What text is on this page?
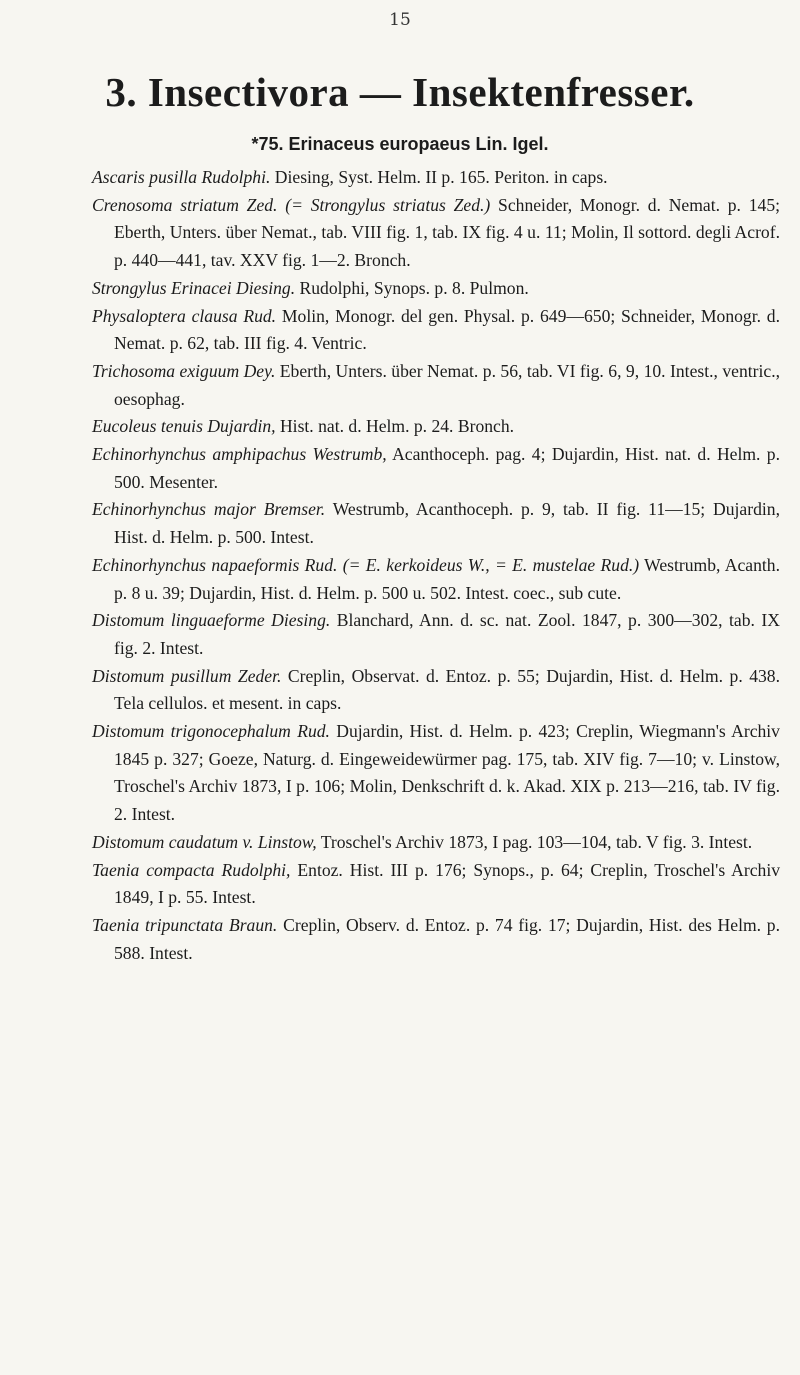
15
3. Insectivora — Insektenfresser.
*75. Erinaceus europaeus Lin. Igel.

Ascaris pusilla Rudolphi. Diesing, Syst. Helm. II p. 165. Periton. in caps.

Crenosoma striatum Zed. (= Strongylus striatus Zed.) Schneider, Monogr. d. Nemat. p. 145; Eberth, Unters. über Nemat., tab. VIII fig. 1, tab. IX fig. 4 u. 11; Molin, Il sottord. degli Acrof. p. 440—441, tav. XXV fig. 1—2. Bronch.

Strongylus Erinacei Diesing. Rudolphi, Synops. p. 8. Pulmon.

Physaloptera clausa Rud. Molin, Monogr. del gen. Physal. p. 649—650; Schneider, Monogr. d. Nemat. p. 62, tab. III fig. 4. Ventric.

Trichosoma exiguum Dey. Eberth, Unters. über Nemat. p. 56, tab. VI fig. 6, 9, 10. Intest., ventric., oesophag.

Eucoleus tenuis Dujardin, Hist. nat. d. Helm. p. 24. Bronch.

Echinorhynchus amphipachus Westrumb, Acanthoceph. pag. 4; Dujardin, Hist. nat. d. Helm. p. 500. Mesenter.

Echinorhynchus major Bremser. Westrumb, Acanthoceph. p. 9, tab. II fig. 11—15; Dujardin, Hist. d. Helm. p. 500. Intest.

Echinorhynchus napaeformis Rud. (= E. kerkoideus W., = E. mustelae Rud.) Westrumb, Acanth. p. 8 u. 39; Dujardin, Hist. d. Helm. p. 500 u. 502. Intest. coec., sub cute.

Distomum linguaeforme Diesing. Blanchard, Ann. d. sc. nat. Zool. 1847, p. 300—302, tab. IX fig. 2. Intest.

Distomum pusillum Zeder. Creplin, Observat. d. Entoz. p. 55; Dujardin, Hist. d. Helm. p. 438. Tela cellulos. et mesent. in caps.

Distomum trigonocephalum Rud. Dujardin, Hist. d. Helm. p. 423; Creplin, Wiegmann's Archiv 1845 p. 327; Goeze, Naturg. d. Eingeweidewürmer pag. 175, tab. XIV fig. 7—10; v. Linstow, Troschel's Archiv 1873, I p. 106; Molin, Denkschrift d. k. Akad. XIX p. 213—216, tab. IV fig. 2. Intest.

Distomum caudatum v. Linstow, Troschel's Archiv 1873, I pag. 103—104, tab. V fig. 3. Intest.

Taenia compacta Rudolphi, Entoz. Hist. III p. 176; Synops., p. 64; Creplin, Troschel's Archiv 1849, I p. 55. Intest.

Taenia tripunctata Braun. Creplin, Observ. d. Entoz. p. 74 fig. 17; Dujardin, Hist. des Helm. p. 588. Intest.
